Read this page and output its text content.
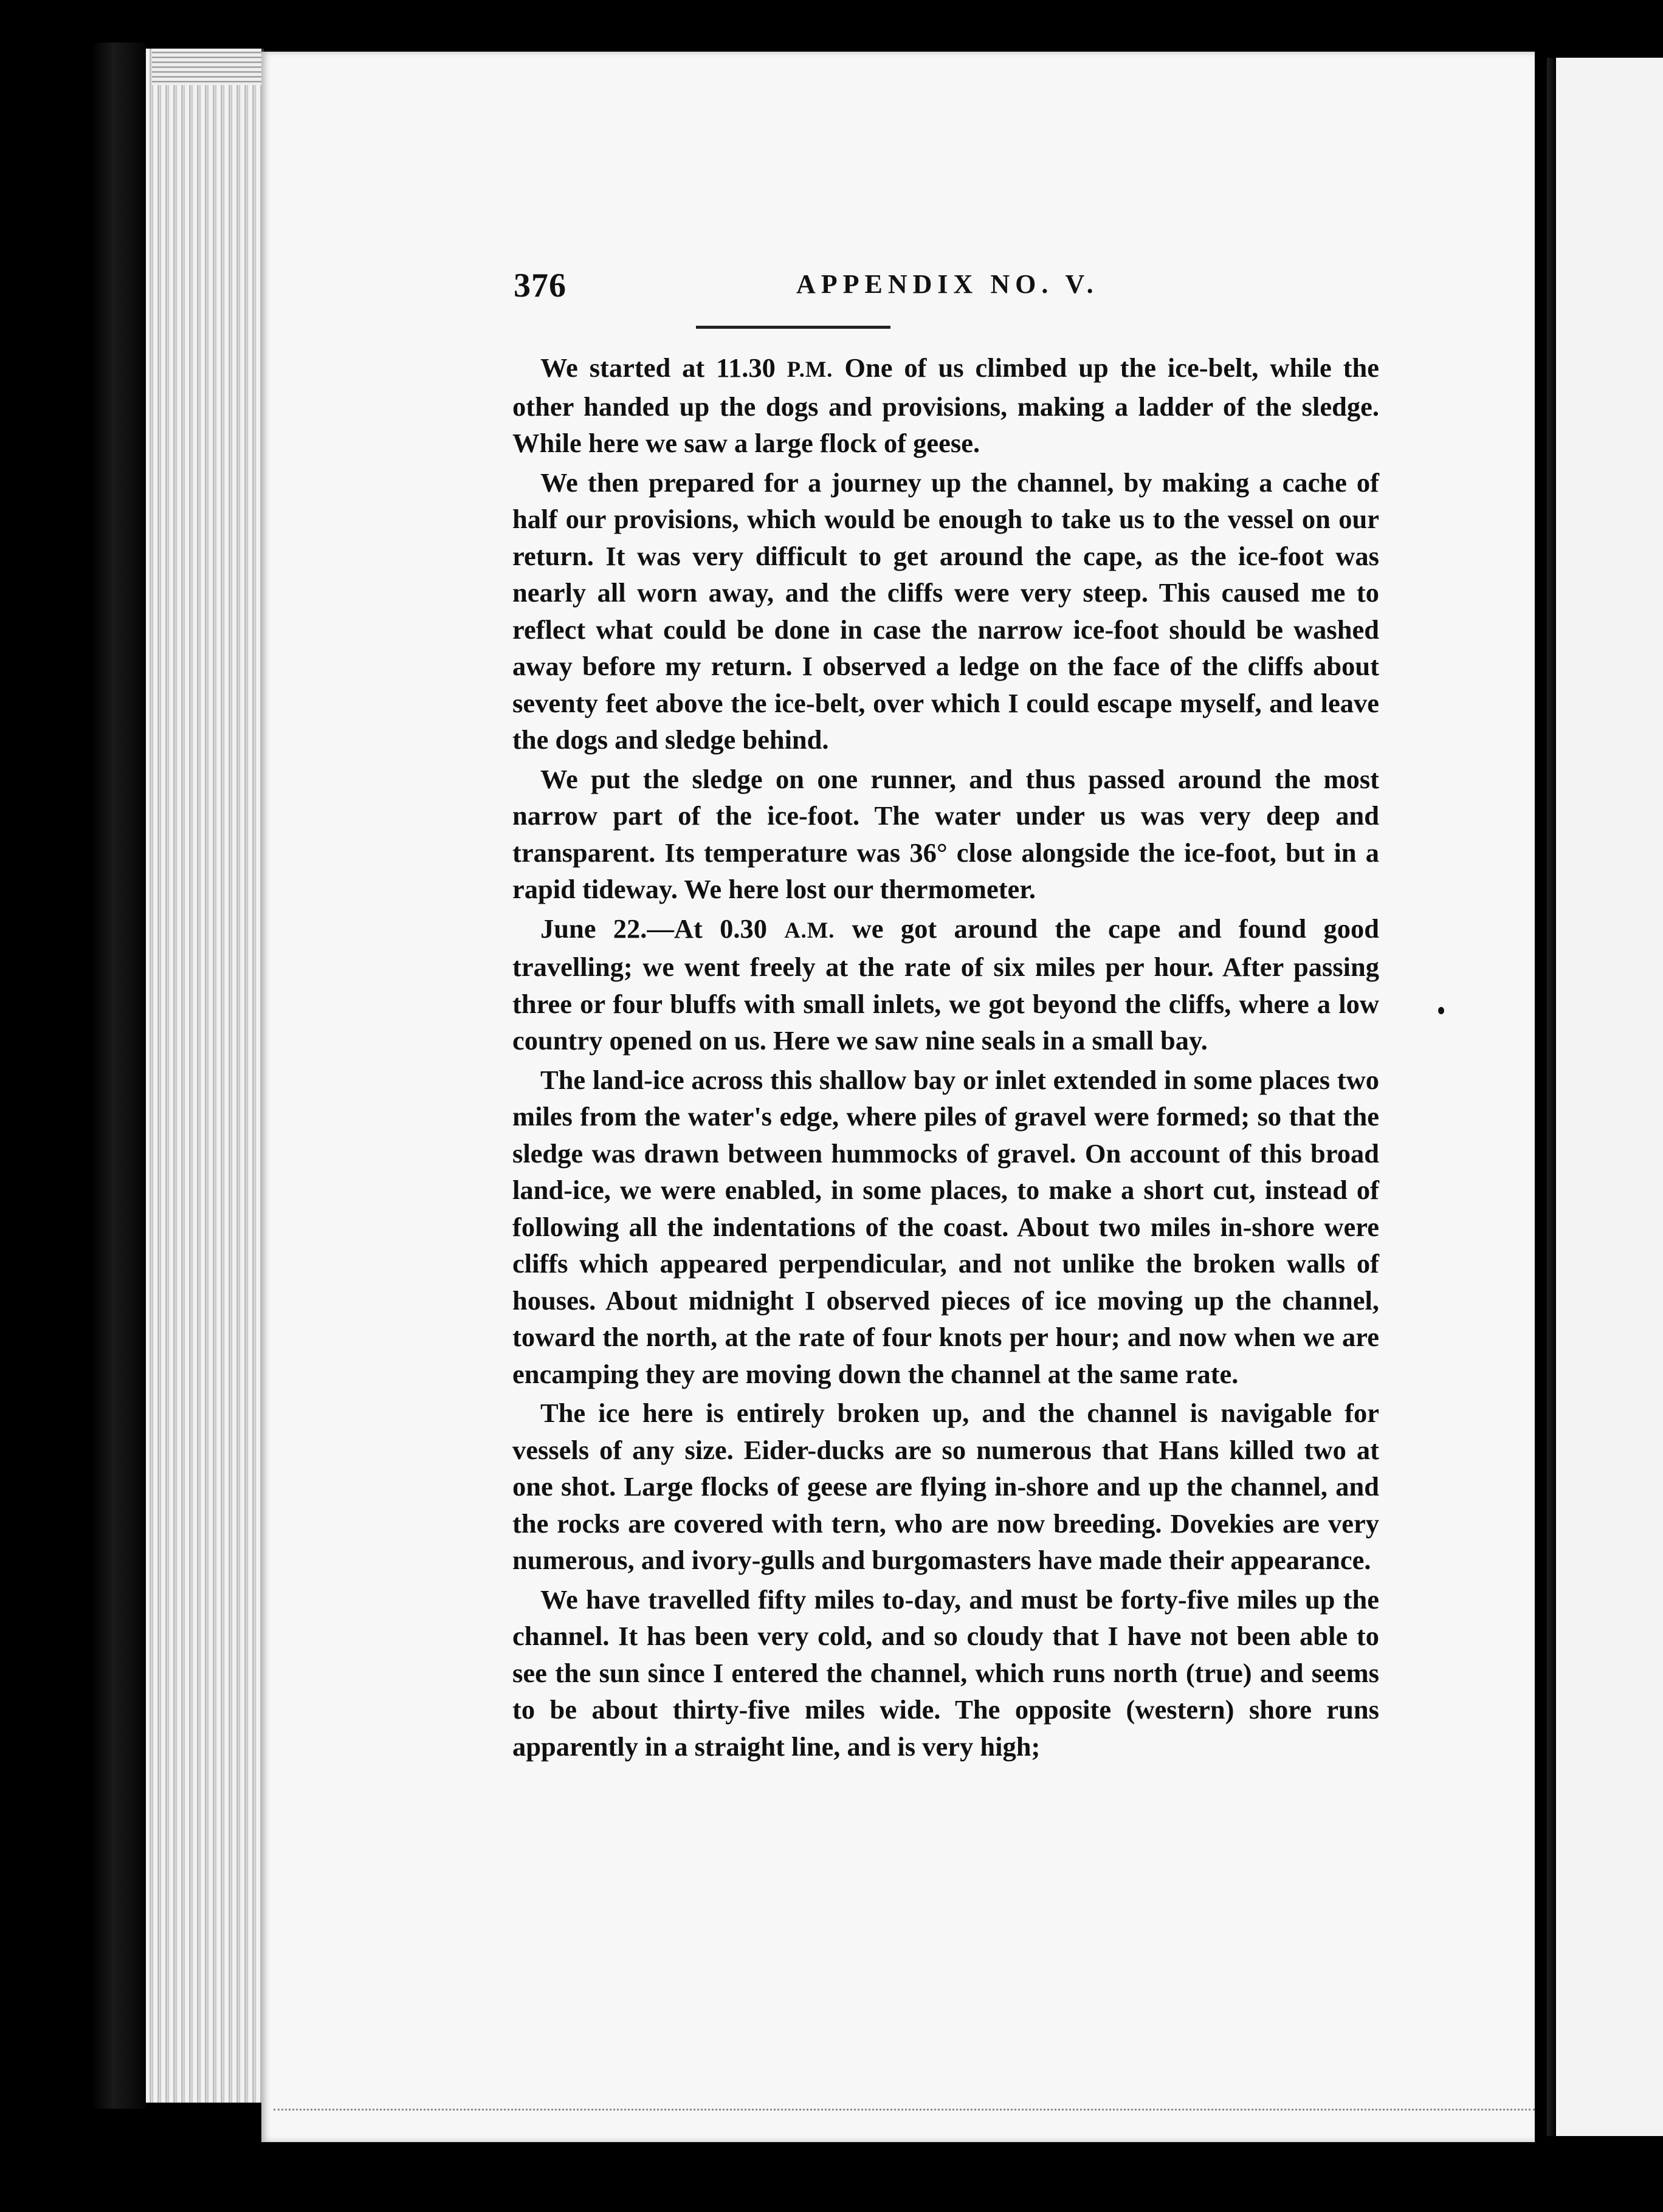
376	APPENDIX NO. V.

We started at 11.30 P.M. One of us climbed up the ice-belt, while the other handed up the dogs and provisions, making a ladder of the sledge. While here we saw a large flock of geese.

We then prepared for a journey up the channel, by making a cache of half our provisions, which would be enough to take us to the vessel on our return. It was very difficult to get around the cape, as the ice-foot was nearly all worn away, and the cliffs were very steep. This caused me to reflect what could be done in case the narrow ice-foot should be washed away before my return. I observed a ledge on the face of the cliffs about seventy feet above the ice-belt, over which I could escape myself, and leave the dogs and sledge behind.

We put the sledge on one runner, and thus passed around the most narrow part of the ice-foot. The water under us was very deep and transparent. Its temperature was 36° close alongside the ice-foot, but in a rapid tideway. We here lost our thermometer.

June 22.—At 0.30 A.M. we got around the cape and found good travelling; we went freely at the rate of six miles per hour. After passing three or four bluffs with small inlets, we got beyond the cliffs, where a low country opened on us. Here we saw nine seals in a small bay.

The land-ice across this shallow bay or inlet extended in some places two miles from the water's edge, where piles of gravel were formed; so that the sledge was drawn between hummocks of gravel. On account of this broad land-ice, we were enabled, in some places, to make a short cut, instead of following all the indentations of the coast. About two miles in-shore were cliffs which appeared perpendicular, and not unlike the broken walls of houses. About midnight I observed pieces of ice moving up the channel, toward the north, at the rate of four knots per hour; and now when we are encamping they are moving down the channel at the same rate.

The ice here is entirely broken up, and the channel is navigable for vessels of any size. Eider-ducks are so numerous that Hans killed two at one shot. Large flocks of geese are flying in-shore and up the channel, and the rocks are covered with tern, who are now breeding. Dovekies are very numerous, and ivory-gulls and burgomasters have made their appearance.

We have travelled fifty miles to-day, and must be forty-five miles up the channel. It has been very cold, and so cloudy that I have not been able to see the sun since I entered the channel, which runs north (true) and seems to be about thirty-five miles wide. The opposite (western) shore runs apparently in a straight line, and is very high;
